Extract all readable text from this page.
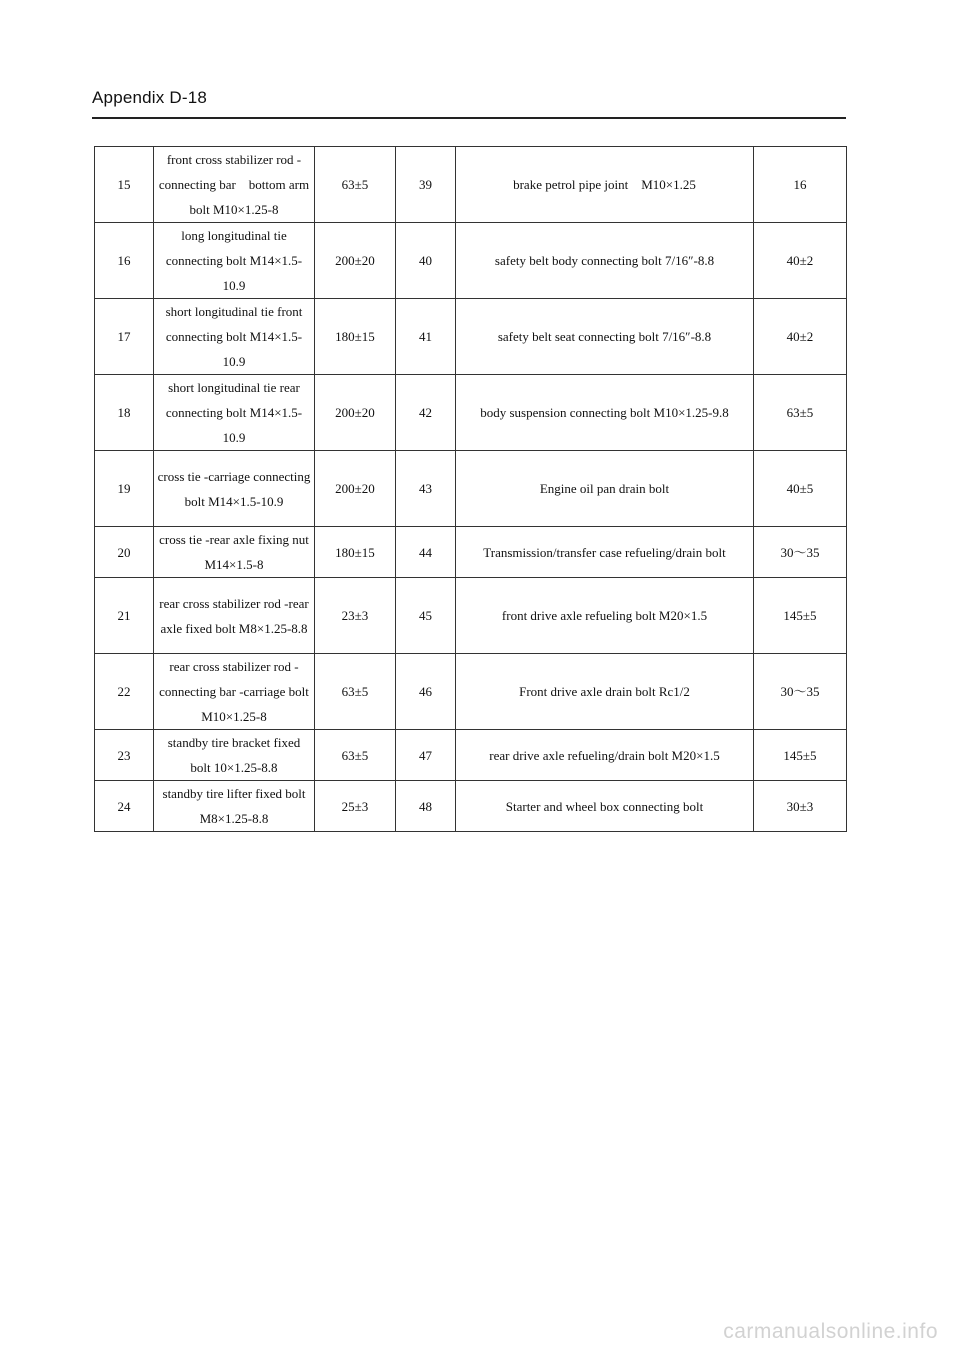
Appendix D-18
15	front cross stabilizer rod -connecting bar　bottom arm bolt M10×1.25-8	63±5	39	brake petrol pipe joint　M10×1.25	16
16	long longitudinal tie connecting bolt M14×1.5-10.9	200±20	40	safety belt body connecting bolt 7/16″-8.8	40±2
17	short longitudinal tie front connecting bolt M14×1.5-10.9	180±15	41	safety belt seat connecting bolt 7/16″-8.8	40±2
18	short longitudinal tie rear connecting bolt M14×1.5-10.9	200±20	42	body suspension connecting bolt M10×1.25-9.8	63±5
19	cross tie -carriage connecting bolt M14×1.5-10.9	200±20	43	Engine oil pan drain bolt	40±5
20	cross tie -rear axle fixing nut M14×1.5-8	180±15	44	Transmission/transfer case refueling/drain bolt	30～35
21	rear cross stabilizer rod -rear axle fixed bolt M8×1.25-8.8	23±3	45	front drive axle refueling bolt M20×1.5	145±5
22	rear cross stabilizer rod -connecting bar -carriage bolt M10×1.25-8	63±5	46	Front drive axle drain bolt Rc1/2	30～35
23	standby tire bracket fixed bolt 10×1.25-8.8	63±5	47	rear drive axle refueling/drain bolt M20×1.5	145±5
24	standby tire lifter fixed bolt M8×1.25-8.8	25±3	48	Starter and wheel box connecting bolt	30±3
carmanualsonline.info
